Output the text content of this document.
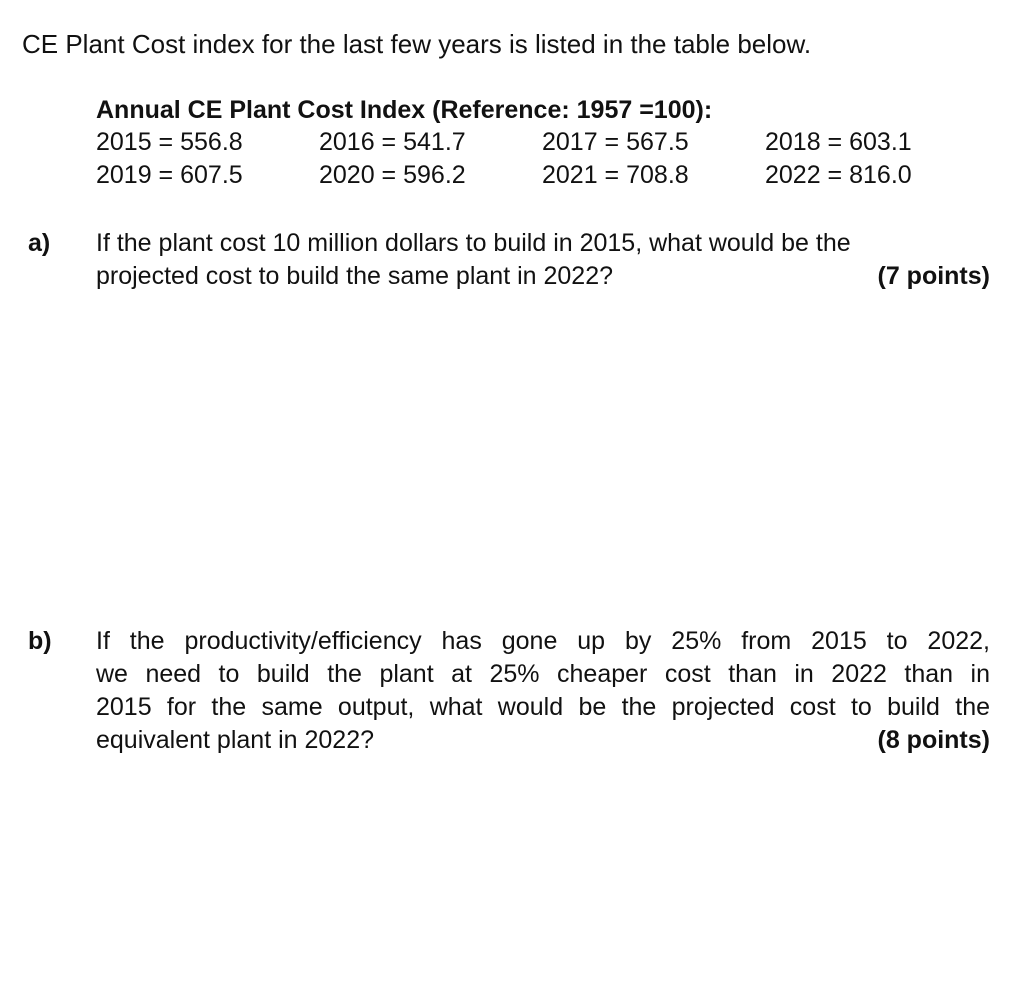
CE Plant Cost index for the last few years is listed in the table below.
Annual CE Plant Cost Index (Reference: 1957 =100):
2015 = 556.8	2016 = 541.7	2017 = 567.5	2018 = 603.1
2019 = 607.5	2020 = 596.2	2021 = 708.8	2022 = 816.0
a) If the plant cost 10 million dollars to build in 2015, what would be the
projected cost to build the same plant in 2022?	(7 points)
b) If the productivity/efficiency has gone up by 25% from 2015 to 2022,
we need to build the plant at 25% cheaper cost than in 2022 than in
2015 for the same output, what would be the projected cost to build the
equivalent plant in 2022?	(8 points)
